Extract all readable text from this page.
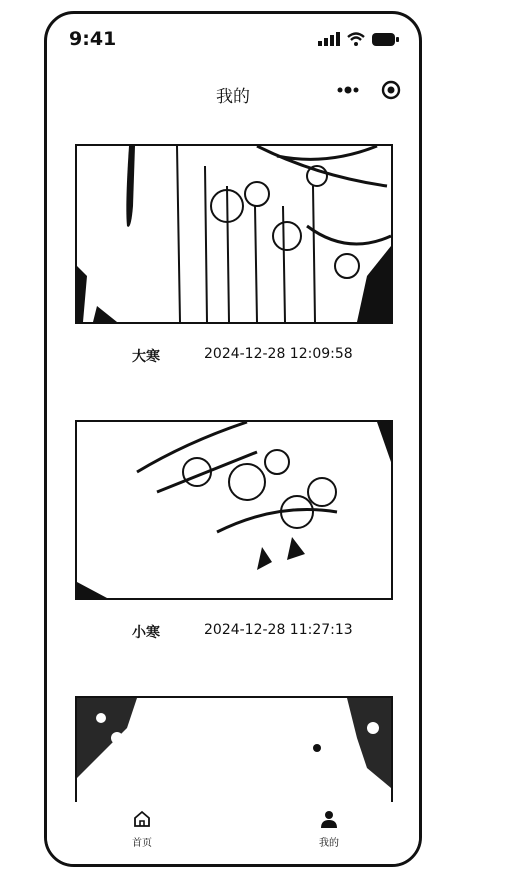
9:41
我的
大寒	2024-12-28 12:09:58
小寒	2024-12-28 11:27:13
首页	我的
